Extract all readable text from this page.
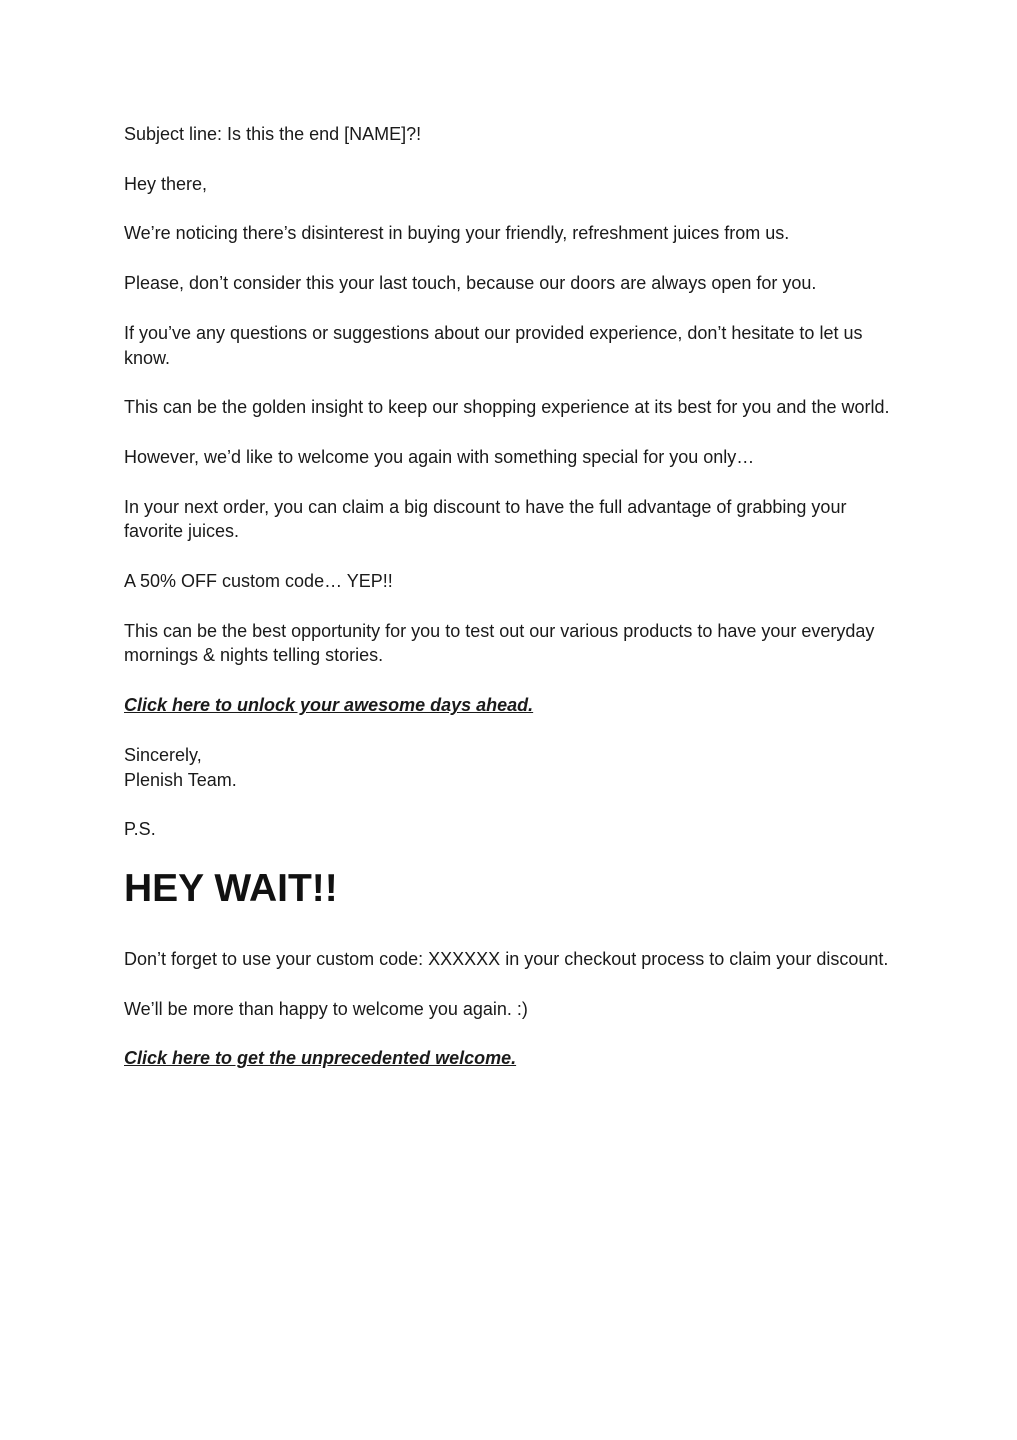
Subject line: Is this the end [NAME]?!

Hey there,

We’re noticing there’s disinterest in buying your friendly, refreshment juices from us.

Please, don’t consider this your last touch, because our doors are always open for you.

If you’ve any questions or suggestions about our provided experience, don’t hesitate to let us know.

This can be the golden insight to keep our shopping experience at its best for you and the world.

However, we’d like to welcome you again with something special for you only…

In your next order, you can claim a big discount to have the full advantage of grabbing your favorite juices.

A 50% OFF custom code… YEP!!

This can be the best opportunity for you to test out our various products to have your everyday mornings & nights telling stories.

Click here to unlock your awesome days ahead.

Sincerely,

Plenish Team.

P.S.

HEY WAIT!!

Don’t forget to use your custom code: XXXXXX in your checkout process to claim your discount.

We’ll be more than happy to welcome you again. :)

Click here to get the unprecedented welcome.
